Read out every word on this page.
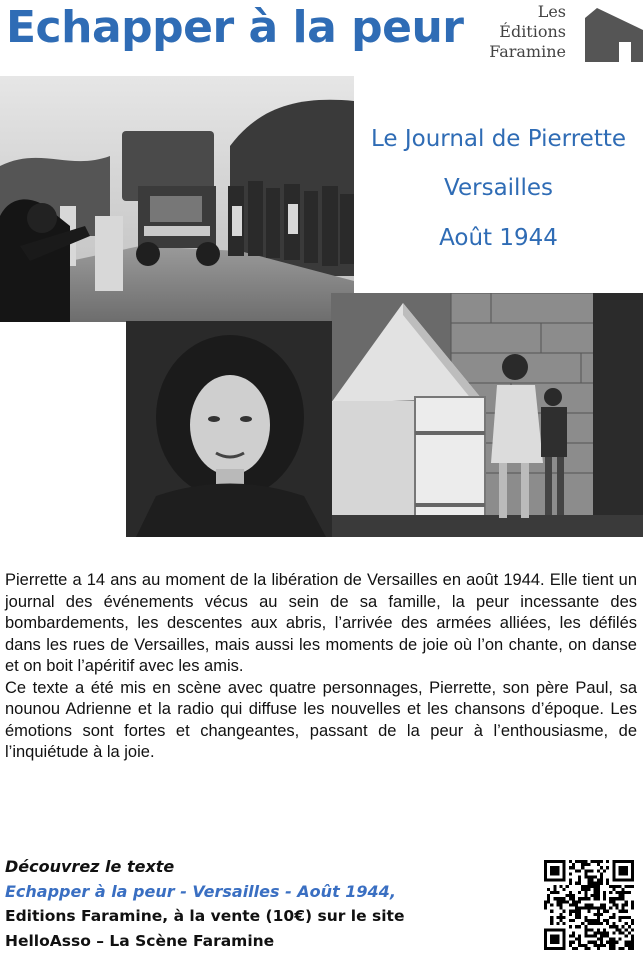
Echapper à la peur	Les
Éditions
Faramine
Le Journal de Pierrette
Versailles
Août 1944

Pierrette a 14 ans au moment de la libération de Versailles en août 1944. Elle tient un journal des événements vécus au sein de sa famille, la peur incessante des bombardements, les descentes aux abris, l’arrivée des armées alliées, les défilés dans les rues de Versailles, mais aussi les moments de joie où l’on chante, on danse et on boit l’apéritif avec les amis.

Ce texte a été mis en scène avec quatre personnages, Pierrette, son père Paul, sa nounou Adrienne et la radio qui diffuse les nouvelles et les chansons d’époque. Les émotions sont fortes et changeantes, passant de la peur à l’enthousiasme, de l’inquiétude à la joie.

Découvrez le texte
Echapper à la peur - Versailles - Août 1944,
Editions Faramine, à la vente (10€) sur le site
HelloAsso – La Scène Faramine
